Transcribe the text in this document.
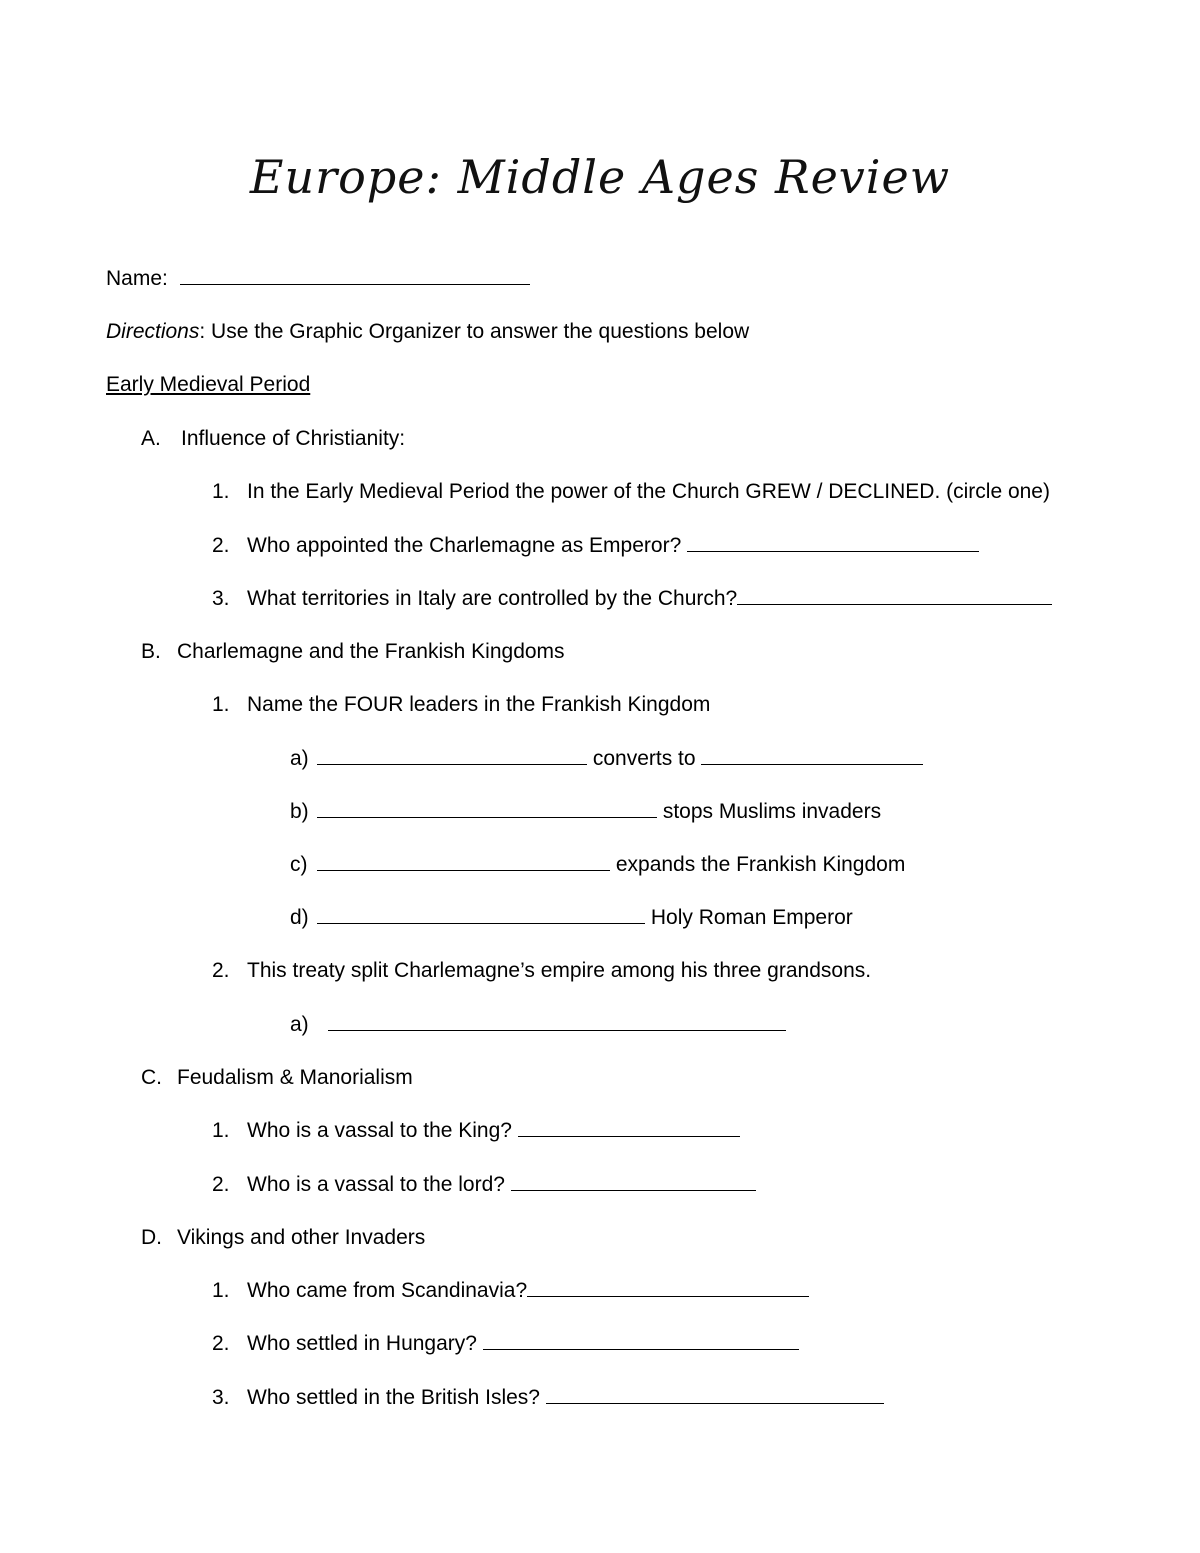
Europe: Middle Ages Review
Name:
Directions: Use the Graphic Organizer to answer the questions below
Early Medieval Period
A. Influence of Christianity:
1. In the Early Medieval Period the power of the Church GREW / DECLINED. (circle one)
2. Who appointed the Charlemagne as Emperor?
3. What territories in Italy are controlled by the Church?
B. Charlemagne and the Frankish Kingdoms
1. Name the FOUR leaders in the Frankish Kingdom
a)	converts to
b)	stops Muslims invaders
c)	expands the Frankish Kingdom
d)	Holy Roman Emperor
2. This treaty split Charlemagne’s empire among his three grandsons.
a)
C. Feudalism & Manorialism
1. Who is a vassal to the King?
2. Who is a vassal to the lord?
D. Vikings and other Invaders
1. Who came from Scandinavia?
2. Who settled in Hungary?
3. Who settled in the British Isles?
